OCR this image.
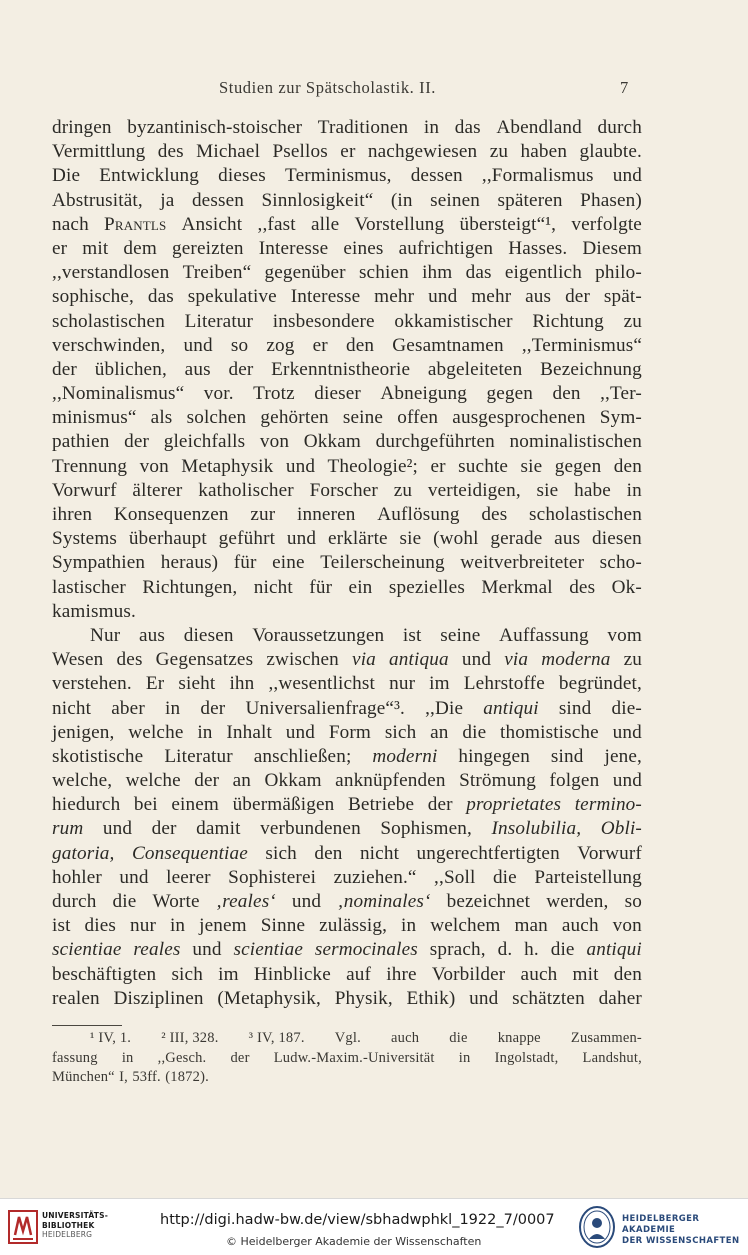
Studien zur Spätscholastik. II.	7
dringen byzantinisch-stoischer Traditionen in das Abendland durch
Vermittlung des Michael Psellos er nachgewiesen zu haben glaubte.
Die Entwicklung dieses Terminismus, dessen ,,Formalismus und
Abstrusität, ja dessen Sinnlosigkeit“ (in seinen späteren Phasen)
nach Prantls Ansicht ,,fast alle Vorstellung übersteigt“¹, verfolgte
er mit dem gereizten Interesse eines aufrichtigen Hasses. Diesem
,,verstandlosen Treiben“ gegenüber schien ihm das eigentlich philo-
sophische, das spekulative Interesse mehr und mehr aus der spät-
scholastischen Literatur insbesondere okkamistischer Richtung zu
verschwinden, und so zog er den Gesamtnamen ,,Terminismus“
der üblichen, aus der Erkenntnistheorie abgeleiteten Bezeichnung
,,Nominalismus“ vor. Trotz dieser Abneigung gegen den ,,Ter-
minismus“ als solchen gehörten seine offen ausgesprochenen Sym-
pathien der gleichfalls von Okkam durchgeführten nominalistischen
Trennung von Metaphysik und Theologie²; er suchte sie gegen den
Vorwurf älterer katholischer Forscher zu verteidigen, sie habe in
ihren Konsequenzen zur inneren Auflösung des scholastischen
Systems überhaupt geführt und erklärte sie (wohl gerade aus diesen
Sympathien heraus) für eine Teilerscheinung weitverbreiteter scho-
lastischer Richtungen, nicht für ein spezielles Merkmal des Ok-
kamismus.
Nur aus diesen Voraussetzungen ist seine Auffassung vom
Wesen des Gegensatzes zwischen via antiqua und via moderna zu
verstehen. Er sieht ihn ,,wesentlichst nur im Lehrstoffe begründet,
nicht aber in der Universalienfrage“³. ,,Die antiqui sind die-
jenigen, welche in Inhalt und Form sich an die thomistische und
skotistische Literatur anschließen; moderni hingegen sind jene,
welche, welche der an Okkam anknüpfenden Strömung folgen und
hiedurch bei einem übermäßigen Betriebe der proprietates termino-
rum und der damit verbundenen Sophismen, Insolubilia, Obli-
gatoria, Consequentiae sich den nicht ungerechtfertigten Vorwurf
hohler und leerer Sophisterei zuziehen.“ ,,Soll die Parteistellung
durch die Worte ‚reales‘ und ‚nominales‘ bezeichnet werden, so
ist dies nur in jenem Sinne zulässig, in welchem man auch von
scientiae reales und scientiae sermocinales sprach, d. h. die antiqui
beschäftigten sich im Hinblicke auf ihre Vorbilder auch mit den
realen Disziplinen (Metaphysik, Physik, Ethik) und schätzten daher
¹ IV, 1. ² III, 328. ³ IV, 187. Vgl. auch die knappe Zusammen-
fassung in ,,Gesch. der Ludw.-Maxim.-Universität in Ingolstadt, Landshut,
München“ I, 53ff. (1872).
UNIVERSITÄTS-
BIBLIOTHEK
HEIDELBERG
http://digi.hadw-bw.de/view/sbhadwphkl_1922_7/0007
© Heidelberger Akademie der Wissenschaften
HEIDELBERGER AKADEMIE
DER WISSENSCHAFTEN
